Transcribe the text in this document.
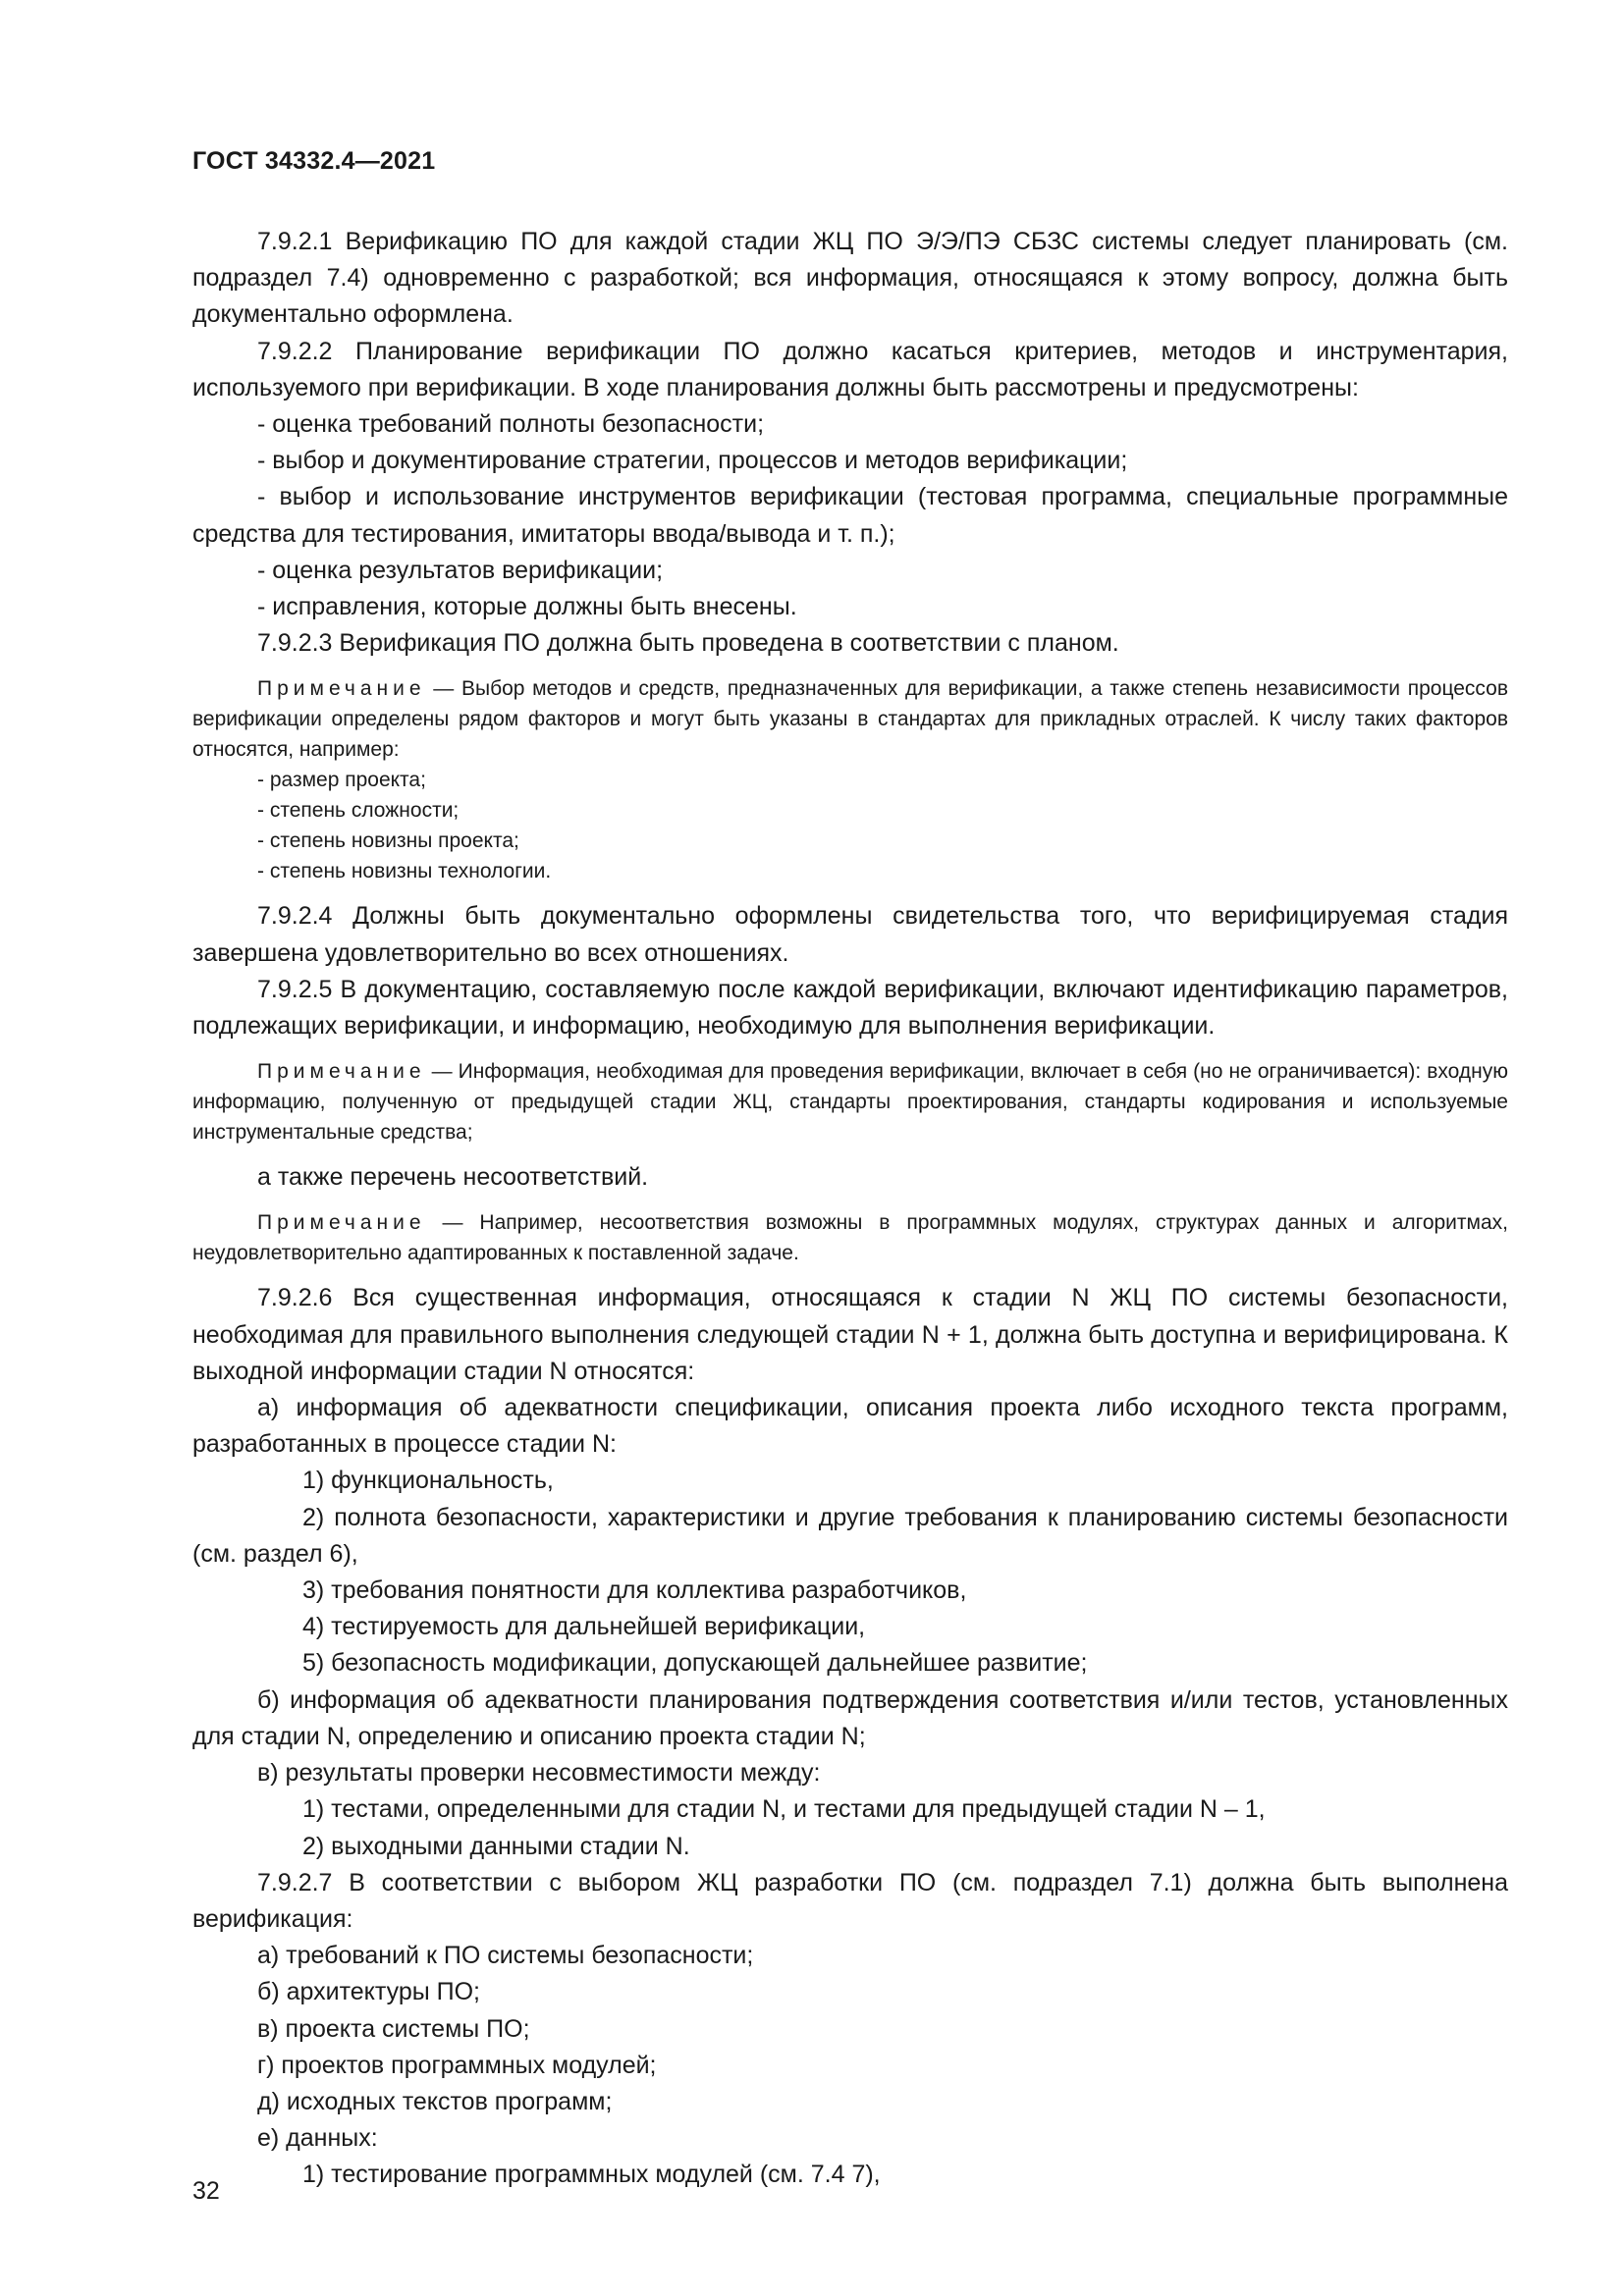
ГОСТ 34332.4—2021

7.9.2.1 Верификацию ПО для каждой стадии ЖЦ ПО Э/Э/ПЭ СБЗС системы следует планировать (см. подраздел 7.4) одновременно с разработкой; вся информация, относящаяся к этому вопросу, должна быть документально оформлена.

7.9.2.2 Планирование верификации ПО должно касаться критериев, методов и инструментария, используемого при верификации. В ходе планирования должны быть рассмотрены и предусмотрены:

- оценка требований полноты безопасности;

- выбор и документирование стратегии, процессов и методов верификации;

- выбор и использование инструментов верификации (тестовая программа, специальные программные средства для тестирования, имитаторы ввода/вывода и т. п.);

- оценка результатов верификации;

- исправления, которые должны быть внесены.

7.9.2.3 Верификация ПО должна быть проведена в соответствии с планом.

Примечание — Выбор методов и средств, предназначенных для верификации, а также степень независимости процессов верификации определены рядом факторов и могут быть указаны в стандартах для прикладных отраслей. К числу таких факторов относятся, например:

- размер проекта;

- степень сложности;

- степень новизны проекта;

- степень новизны технологии.

7.9.2.4 Должны быть документально оформлены свидетельства того, что верифицируемая стадия завершена удовлетворительно во всех отношениях.

7.9.2.5 В документацию, составляемую после каждой верификации, включают идентификацию параметров, подлежащих верификации, и информацию, необходимую для выполнения верификации.

Примечание — Информация, необходимая для проведения верификации, включает в себя (но не ограничивается): входную информацию, полученную от предыдущей стадии ЖЦ, стандарты проектирования, стандарты кодирования и используемые инструментальные средства;

а также перечень несоответствий.

Примечание — Например, несоответствия возможны в программных модулях, структурах данных и алгоритмах, неудовлетворительно адаптированных к поставленной задаче.

7.9.2.6 Вся существенная информация, относящаяся к стадии N ЖЦ ПО системы безопасности, необходимая для правильного выполнения следующей стадии N + 1, должна быть доступна и верифицирована. К выходной информации стадии N относятся:

а) информация об адекватности спецификации, описания проекта либо исходного текста программ, разработанных в процессе стадии N:

1) функциональность,

2) полнота безопасности, характеристики и другие требования к планированию системы безопасности (см. раздел 6),

3) требования понятности для коллектива разработчиков,

4) тестируемость для дальнейшей верификации,

5) безопасность модификации, допускающей дальнейшее развитие;

б) информация об адекватности планирования подтверждения соответствия и/или тестов, установленных для стадии N, определению и описанию проекта стадии N;

в) результаты проверки несовместимости между:

1) тестами, определенными для стадии N, и тестами для предыдущей стадии N – 1,

2) выходными данными стадии N.

7.9.2.7 В соответствии с выбором ЖЦ разработки ПО (см. подраздел 7.1) должна быть выполнена верификация:

а) требований к ПО системы безопасности;

б) архитектуры ПО;

в) проекта системы ПО;

г) проектов программных модулей;

д) исходных текстов программ;

е) данных:

1) тестирование программных модулей (см. 7.4 7),

32
